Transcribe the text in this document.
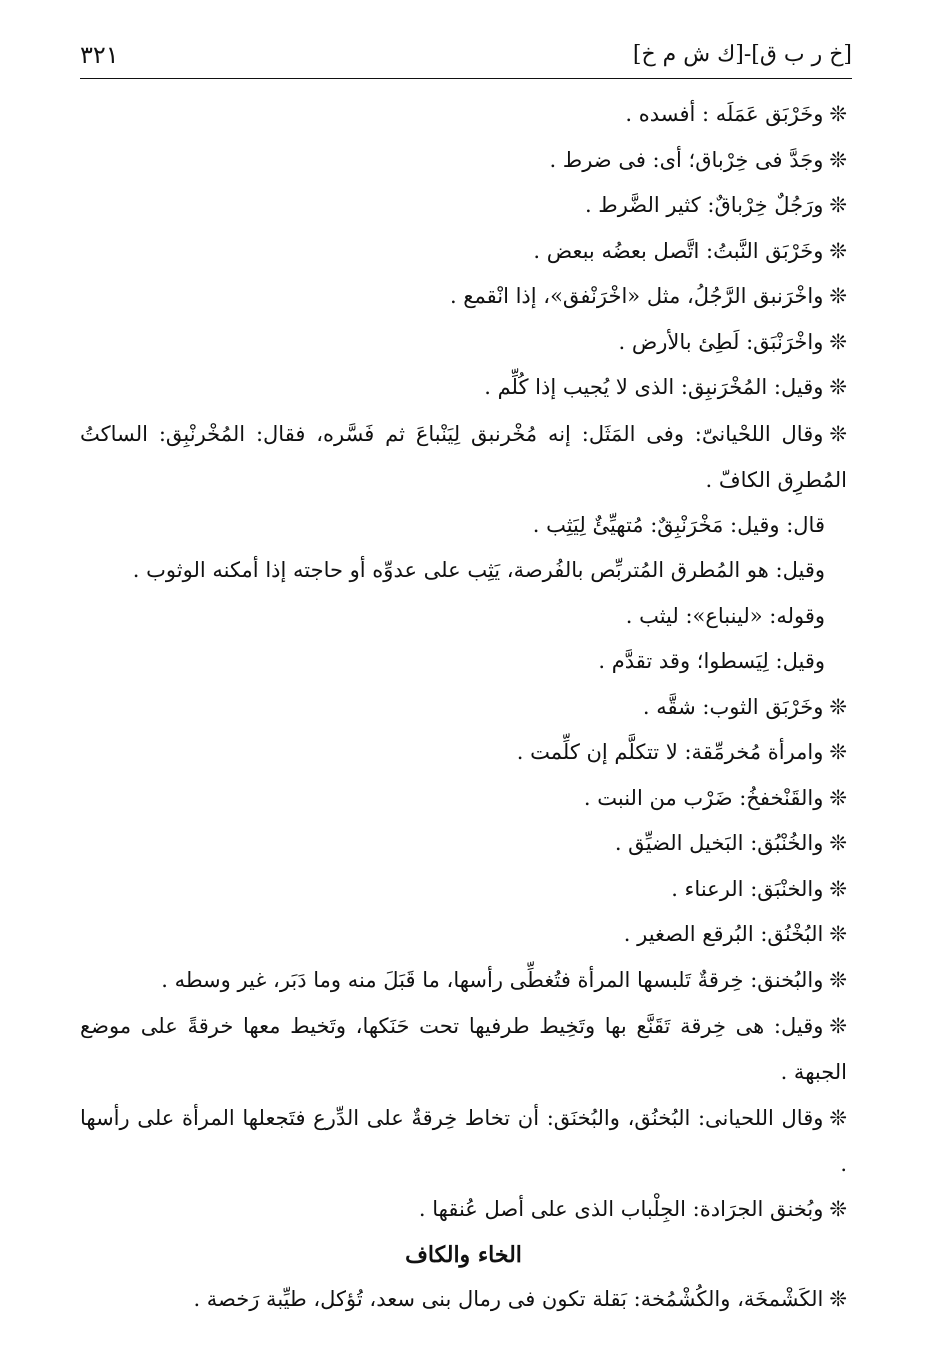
٣٢١	[خ ر ب ق]-[ك ش م خ]

❊وخَرْبَق عَمَلَه : أفسده .

❊وجَدَّ فى خِرْباق؛ أى: فى ضرط .

❊ورَجُلٌ خِرْباقٌ: كثير الضَّرط .

❊وخَرْبَق النَّبتُ: اتَّصل بعضُه ببعض .

❊واخْرَنبق الرَّجُلُ، مثل «اخْرَنْفق»، إذا انْقمع .

❊واخْرَنْبَق: لَطِئ بالأرض .

❊وقيل: المُخْرَنبِق: الذى لا يُجيب إذا كُلِّم .

❊وقال اللحْيانىّ: وفى المَثَل: إنه مُخْرنبق لِيَنْباعَ ثم فَسَّره، فقال: المُخْرنْبِق: الساكتُ المُطرِق الكافّ .

قال: وقيل: مَخْرَنْبِقٌ: مُتهيِّئٌ لِيَثِب .

وقيل: هو المُطرق المُتربِّص بالفُرصة، يَثِب على عدوِّه أو حاجته إذا أمكنه الوثوب .

وقوله: «لينباع»: ليثب .

وقيل: لِيَسطوا؛ وقد تقدَّم .

❊وخَرْبَق الثوب: شقَّه .

❊وامرأة مُخرمِّقة: لا تتكلَّم إن كلِّمت .

❊والقَنْخفخُ: ضَرْب من النبت .

❊والخُنْبُق: البَخيل الضيِّق .

❊والخنْبَق: الرعناء .

❊البُخْنُق: البُرقع الصغير .

❊والبُخنق: خِرقةٌ تَلبسها المرأة فتُغطِّى رأسها، ما قَبَلَ منه وما دَبَر، غير وسطه .

❊وقيل: هى خِرقة تَقَنَّع بها وتَخِيط طرفيها تحت حَنَكها، وتَخيط معها خرقةً على موضع الجبهة .

❊وقال اللحيانى: البُخنُق، والبُخنَق: أن تخاط خِرقةٌ على الدِّرع فتَجعلها المرأة على رأسها .

❊وبُخنق الجرَادة: الجِلْباب الذى على أصل عُنقها .

الخاء والكاف

❊الكَشْمخَة، والكُشْمُخة: بَقلة تكون فى رمال بنى سعد، تُؤكل، طيِّبة رَخصة .
